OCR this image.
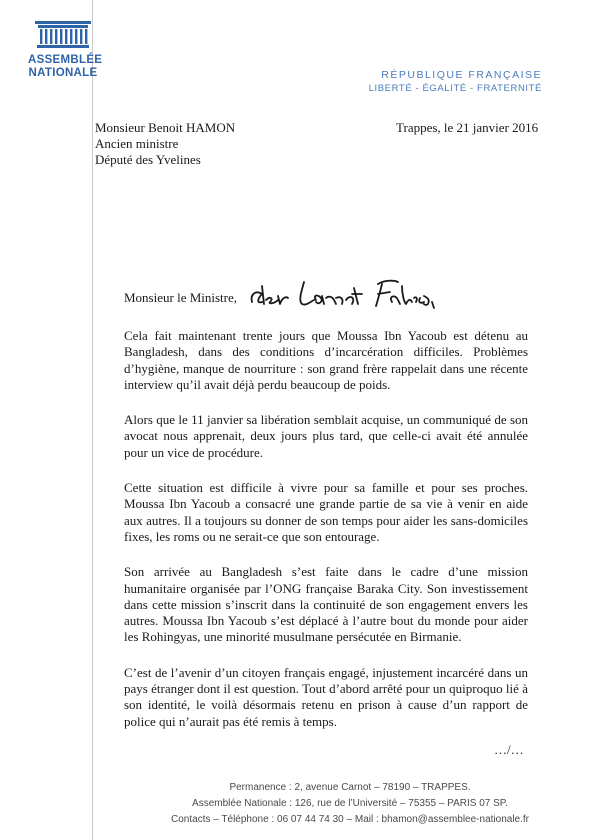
ASSEMBLÉE
NATIONALE	RÉPUBLIQUE FRANÇAISE
LIBERTÉ - ÉGALITÉ - FRATERNITÉ
Monsieur Benoit HAMON
Ancien ministre
Député des Yvelines
Trappes, le 21 janvier 2016
Monsieur le Ministre,

Cela fait maintenant trente jours que Moussa Ibn Yacoub est détenu au Bangladesh, dans des conditions d’incarcération difficiles. Problèmes d’hygiène, manque de nourriture : son grand frère rappelait dans une récente interview qu’il avait déjà perdu beaucoup de poids.

Alors que le 11 janvier sa libération semblait acquise, un communiqué de son avocat nous apprenait, deux jours plus tard, que celle-ci avait été annulée pour un vice de procédure.

Cette situation est difficile à vivre pour sa famille et pour ses proches. Moussa Ibn Yacoub a consacré une grande partie de sa vie à venir en aide aux autres. Il a toujours su donner de son temps pour aider les sans-domiciles fixes, les roms ou ne serait-ce que son entourage.

Son arrivée au Bangladesh s’est faite dans le cadre d’une mission humanitaire organisée par l’ONG française Baraka City. Son investissement dans cette mission s’inscrit dans la continuité de son engagement envers les autres. Moussa Ibn Yacoub s’est déplacé à l’autre bout du monde pour aider les Rohingyas, une minorité musulmane persécutée en Birmanie.

C’est de l’avenir d’un citoyen français engagé, injustement incarcéré dans un pays étranger dont il est question. Tout d’abord arrêté pour un quiproquo lié à son identité, le voilà désormais retenu en prison à cause d’un rapport de police qui n’aurait pas été remis à temps.

…/…
Permanence : 2, avenue Carnot – 78190 – TRAPPES.
Assemblée Nationale : 126, rue de l’Université – 75355 – PARIS 07 SP.
Contacts – Téléphone : 06 07 44 74 30 – Mail : bhamon@assemblee-nationale.fr
